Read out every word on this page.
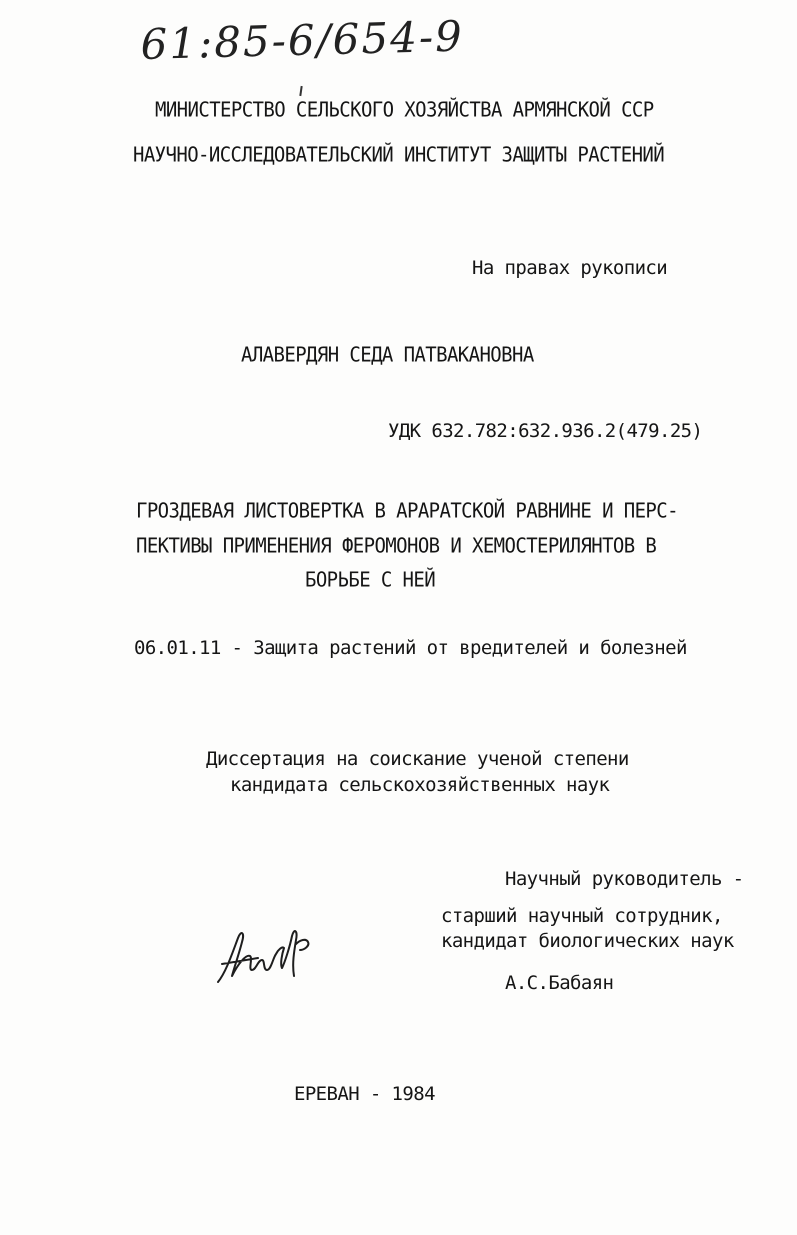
61:85-6/654-9
МИНИСТЕРСТВО СЕЛЬСКОГО ХОЗЯЙСТВА АРМЯНСКОЙ ССР
НАУЧНО-ИССЛЕДОВАТЕЛЬСКИЙ ИНСТИТУТ ЗАЩИТЫ РАСТЕНИЙ
На правах рукописи
АЛАВЕРДЯН СЕДА ПАТВАКАНОВНА
УДК 632.782:632.936.2(479.25)
ГРОЗДЕВАЯ ЛИСТОВЕРТКА В АРАРАТСКОЙ РАВНИНЕ И ПЕРС-
ПЕКТИВЫ ПРИМЕНЕНИЯ ФЕРОМОНОВ И ХЕМОСТЕРИЛЯНТОВ В
БОРЬБЕ С НЕЙ
06.01.11 - Защита растений от вредителей и болезней
Диссертация на соискание ученой степени
кандидата сельскохозяйственных наук
Научный руководитель -
старший научный сотрудник,
кандидат биологических наук
А.С.Бабаян
ЕРЕВАН - 1984
